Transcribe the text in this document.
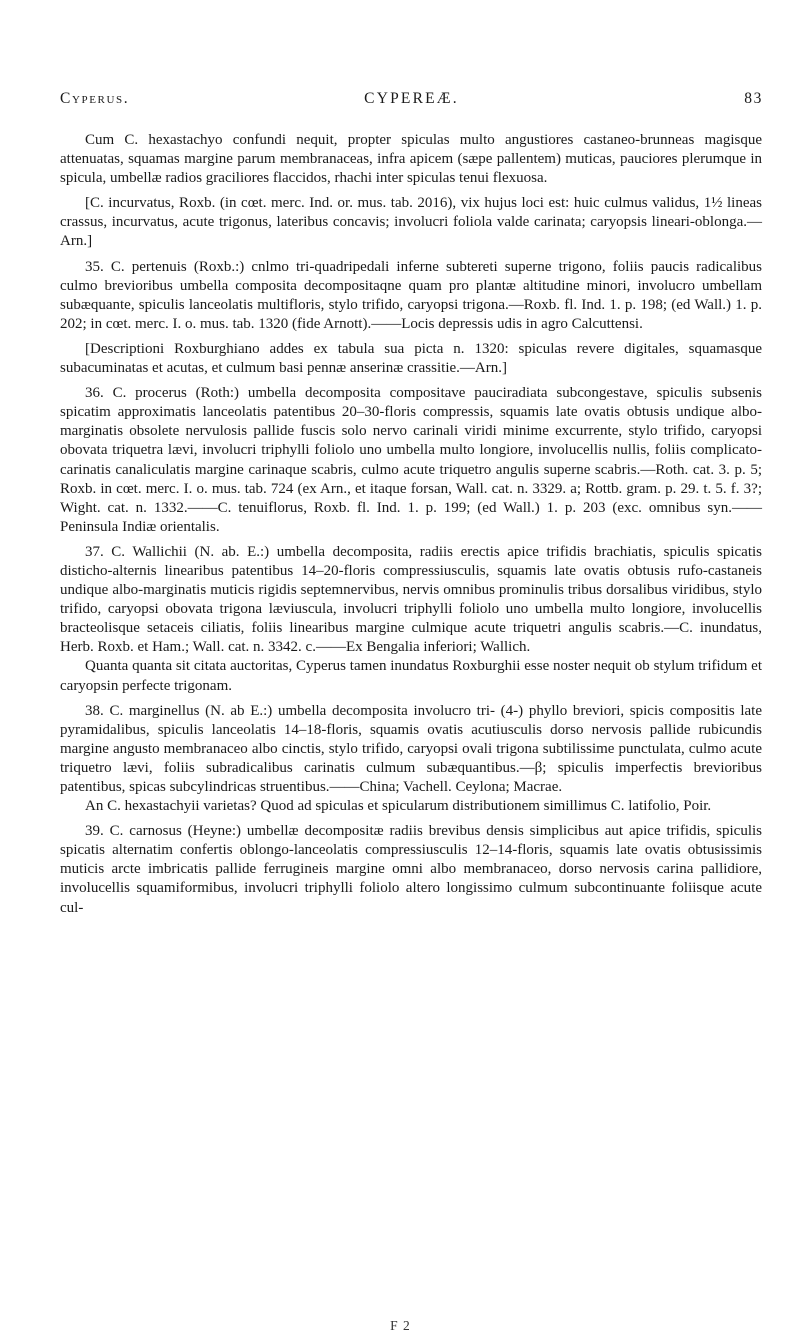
Cyperus.	CYPEREÆ.	83

Cum C. hexastachyo confundi nequit, propter spiculas multo angustiores castaneo-brunneas magisque attenuatas, squamas margine parum membranaceas, infra apicem (sæpe pallentem) muticas, pauciores plerumque in spicula, umbellæ radios graciliores flaccidos, rhachi inter spiculas tenui flexuosa.

[C. incurvatus, Roxb. (in cœt. merc. Ind. or. mus. tab. 2016), vix hujus loci est: huic culmus validus, 1½ lineas crassus, incurvatus, acute trigonus, lateribus concavis; involucri foliola valde carinata; caryopsis lineari-oblonga.—Arn.]

35. C. pertenuis (Roxb.:) cnlmo tri-quadripedali inferne subtereti superne trigono, foliis paucis radicalibus culmo brevioribus umbella composita decompositaqne quam pro plantæ altitudine minori, involucro umbellam subæquante, spiculis lanceolatis multifloris, stylo trifido, caryopsi trigona.—Roxb. fl. Ind. 1. p. 198; (ed Wall.) 1. p. 202; in cœt. merc. I. o. mus. tab. 1320 (fide Arnott).——Locis depressis udis in agro Calcuttensi.

[Descriptioni Roxburghiano addes ex tabula sua picta n. 1320: spiculas revere digitales, squamasque subacuminatas et acutas, et culmum basi pennæ anserinæ crassitie.—Arn.]

36. C. procerus (Roth:) umbella decomposita compositave pauciradiata subcongestave, spiculis subsenis spicatim approximatis lanceolatis patentibus 20–30-floris compressis, squamis late ovatis obtusis undique albo-marginatis obsolete nervulosis pallide fuscis solo nervo carinali viridi minime excurrente, stylo trifido, caryopsi obovata triquetra lævi, involucri triphylli foliolo uno umbella multo longiore, involucellis nullis, foliis complicato-carinatis canaliculatis margine carinaque scabris, culmo acute triquetro angulis superne scabris.—Roth. cat. 3. p. 5; Roxb. in cœt. merc. I. o. mus. tab. 724 (ex Arn., et itaque forsan, Wall. cat. n. 3329. a; Rottb. gram. p. 29. t. 5. f. 3?; Wight. cat. n. 1332.——C. tenuiflorus, Roxb. fl. Ind. 1. p. 199; (ed Wall.) 1. p. 203 (exc. omnibus syn.——Peninsula Indiæ orientalis.

37. C. Wallichii (N. ab. E.:) umbella decomposita, radiis erectis apice trifidis brachiatis, spiculis spicatis distichо-alternis linearibus patentibus 14–20-floris compressiusculis, squamis late ovatis obtusis rufo-castaneis undique albo-marginatis muticis rigidis septemnervibus, nervis omnibus prominulis tribus dorsalibus viridibus, stylo trifido, caryopsi obovata trigona læviuscula, involucri triphylli foliolo uno umbella multo longiore, involucellis bracteolisque setaceis ciliatis, foliis linearibus margine culmique acute triquetri angulis scabris.—C. inundatus, Herb. Roxb. et Ham.; Wall. cat. n. 3342. c.——Ex Bengalia inferiori; Wallich.

Quanta quanta sit citata auctoritas, Cyperus tamen inundatus Roxburghii esse noster nequit ob stylum trifidum et caryopsin perfecte trigonam.

38. C. marginellus (N. ab E.:) umbella decomposita involucro tri- (4-) phyllo breviori, spicis compositis late pyramidalibus, spiculis lanceolatis 14–18-floris, squamis ovatis acutiusculis dorso nervosis pallide rubicundis margine angusto membranaceo albo cinctis, stylo trifido, caryopsi ovali trigona subtilissime punctulata, culmo acute triquetro lævi, foliis subradicalibus carinatis culmum subæquantibus.—β; spiculis imperfectis brevioribus patentibus, spicas subcylindricas struentibus.——China; Vachell. Ceylona; Macrae.

An C. hexastachyii varietas? Quod ad spiculas et spicularum distributionem simillimus C. latifolio, Poir.

39. C. carnosus (Heyne:) umbellæ decompositæ radiis brevibus densis simplicibus aut apice trifidis, spiculis spicatis alternatim confertis oblongo-lanceolatis compressiusculis 12–14-floris, squamis late ovatis obtusissimis muticis arcte imbricatis pallide ferrugineis margine omni albo membranaceo, dorso nervosis carina pallidiore, involucellis squamiformibus, involucri triphylli foliolo altero longissimo culmum subcontinuante foliisque acute cul-

F 2
